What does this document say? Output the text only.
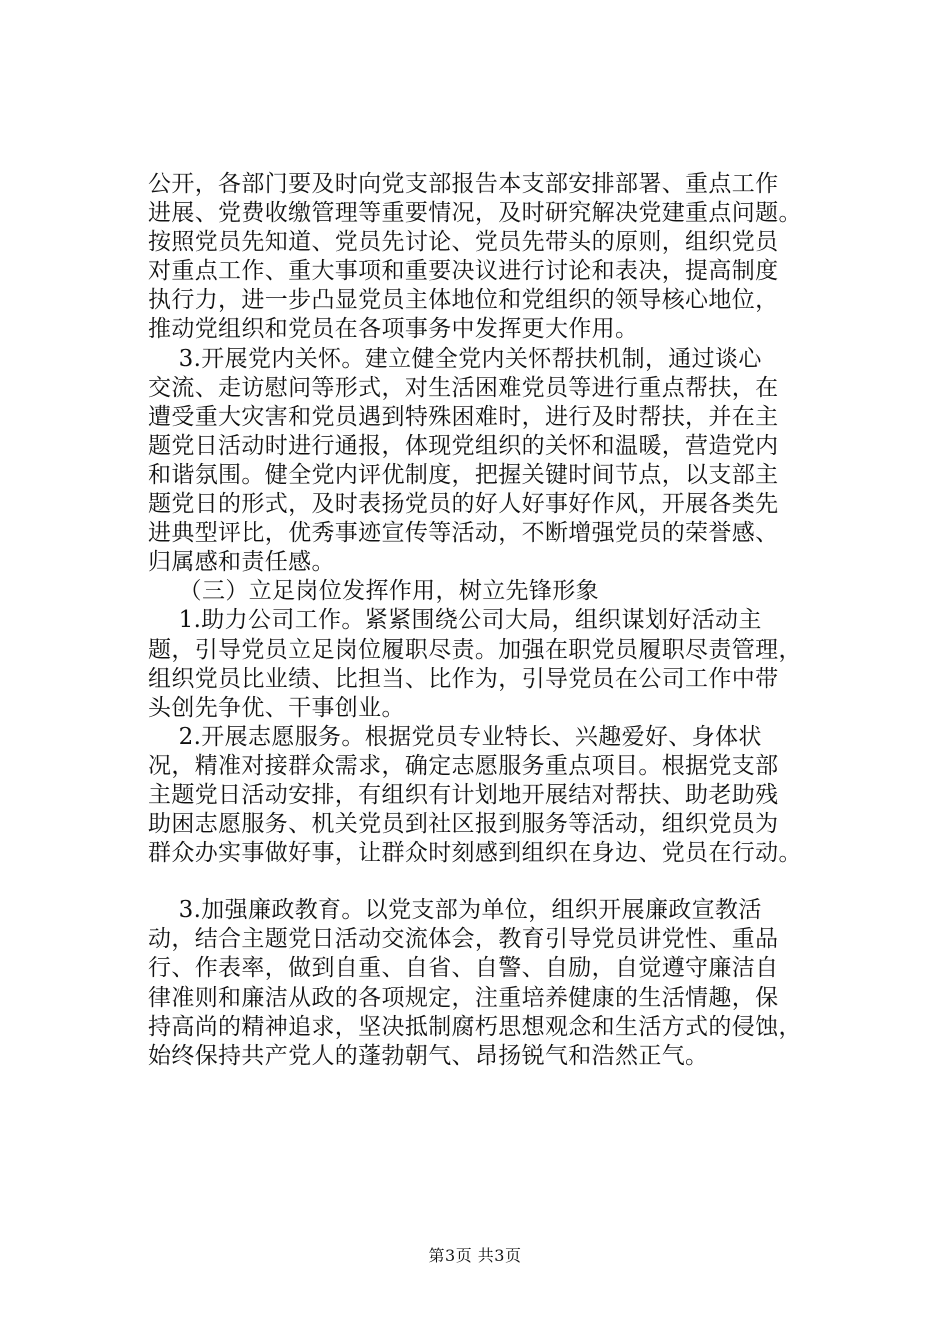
公开，各部门要及时向党支部报告本支部安排部署、重点工作
进展、党费收缴管理等重要情况，及时研究解决党建重点问题。
按照党员先知道、党员先讨论、党员先带头的原则，组织党员
对重点工作、重大事项和重要决议进行讨论和表决，提高制度
执行力，进一步凸显党员主体地位和党组织的领导核心地位，
推动党组织和党员在各项事务中发挥更大作用。

3.开展党内关怀。建立健全党内关怀帮扶机制，通过谈心
交流、走访慰问等形式，对生活困难党员等进行重点帮扶，在
遭受重大灾害和党员遇到特殊困难时，进行及时帮扶，并在主
题党日活动时进行通报，体现党组织的关怀和温暖，营造党内
和谐氛围。健全党内评优制度，把握关键时间节点，以支部主
题党日的形式，及时表扬党员的好人好事好作风，开展各类先
进典型评比，优秀事迹宣传等活动，不断增强党员的荣誉感、
归属感和责任感。

（三）立足岗位发挥作用，树立先锋形象

1.助力公司工作。紧紧围绕公司大局，组织谋划好活动主
题，引导党员立足岗位履职尽责。加强在职党员履职尽责管理，
组织党员比业绩、比担当、比作为，引导党员在公司工作中带
头创先争优、干事创业。

2.开展志愿服务。根据党员专业特长、兴趣爱好、身体状
况，精准对接群众需求，确定志愿服务重点项目。根据党支部
主题党日活动安排，有组织有计划地开展结对帮扶、助老助残
助困志愿服务、机关党员到社区报到服务等活动，组织党员为
群众办实事做好事，让群众时刻感到组织在身边、党员在行动。

3.加强廉政教育。以党支部为单位，组织开展廉政宣教活
动，结合主题党日活动交流体会，教育引导党员讲党性、重品
行、作表率，做到自重、自省、自警、自励，自觉遵守廉洁自
律准则和廉洁从政的各项规定，注重培养健康的生活情趣，保
持高尚的精神追求，坚决抵制腐朽思想观念和生活方式的侵蚀，
始终保持共产党人的蓬勃朝气、昂扬锐气和浩然正气。

第3页 共3页
